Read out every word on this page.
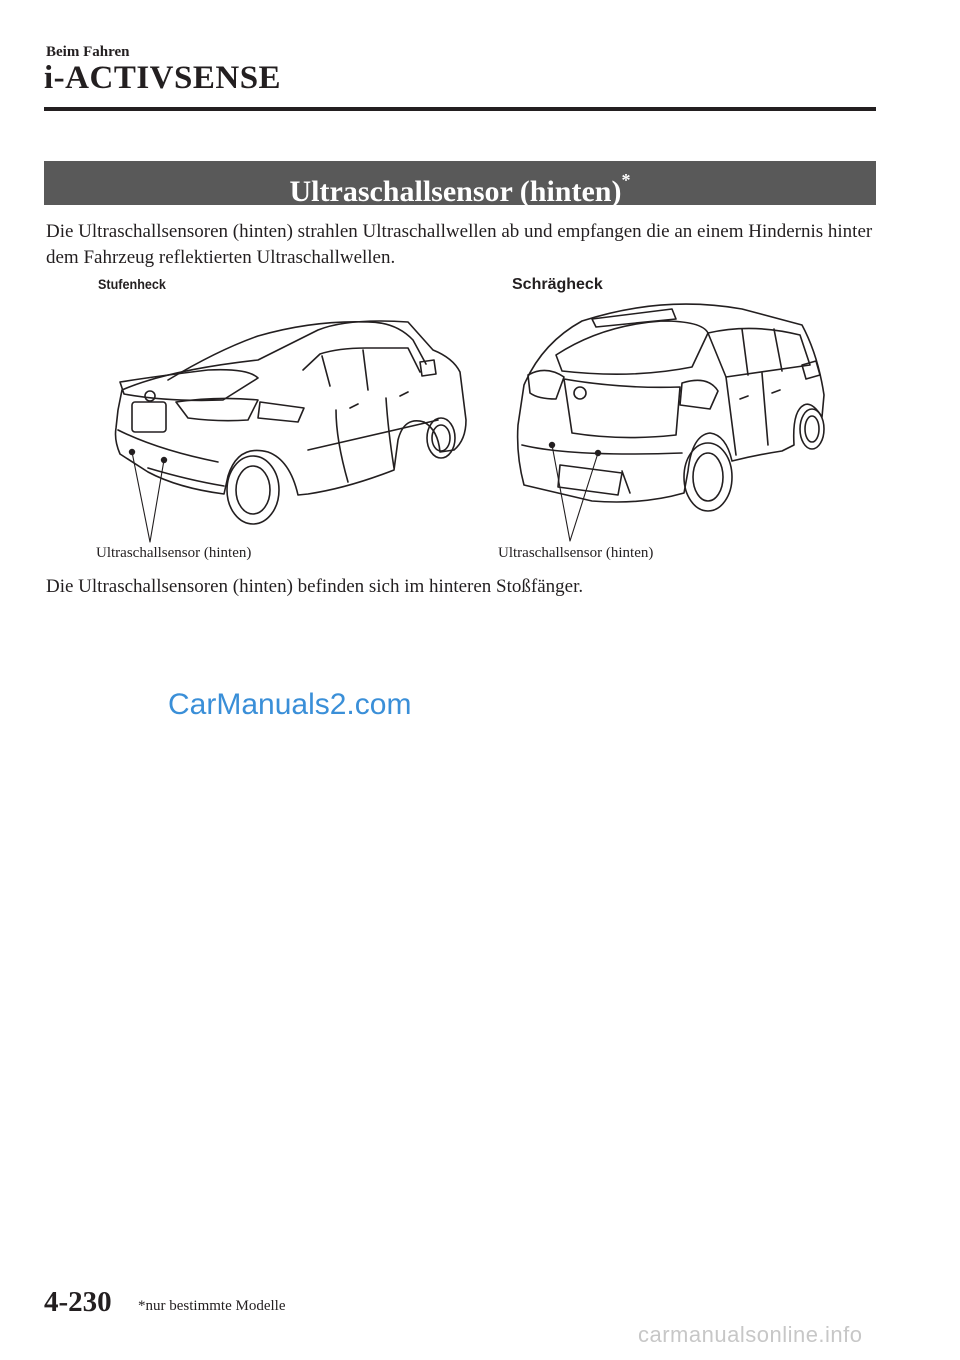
Beim Fahren
i-ACTIVSENSE
Ultraschallsensor (hinten)*
Die Ultraschallsensoren (hinten) strahlen Ultraschallwellen ab und empfangen die an einem Hindernis hinter dem Fahrzeug reflektierten Ultraschallwellen.
Stufenheck	Schrägheck
Ultraschallsensor (hinten)	Ultraschallsensor (hinten)
Die Ultraschallsensoren (hinten) befinden sich im hinteren Stoßfänger.
CarManuals2.com
4-230 *nur bestimmte Modelle
carmanualsonline.info
